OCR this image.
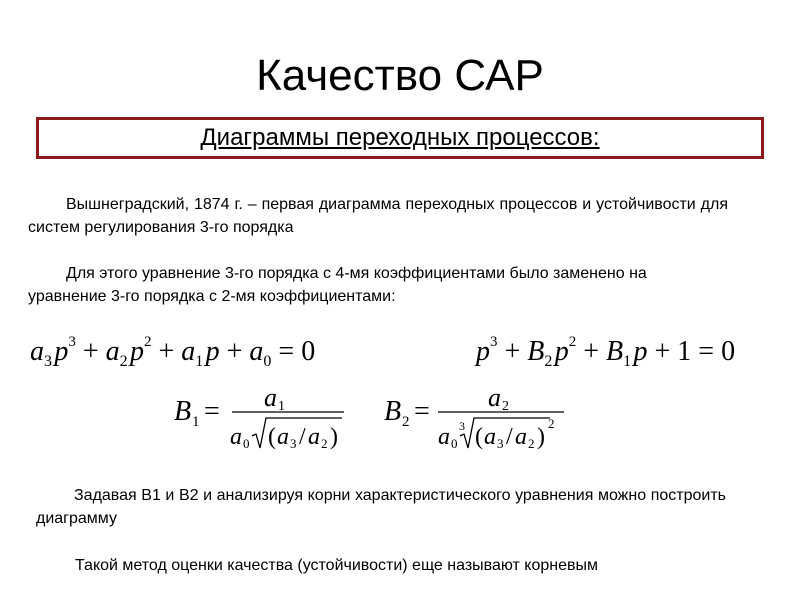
Качество САР
Диаграммы переходных процессов:

Вышнеградский, 1874 г. – первая диаграмма переходных процессов и устойчивости для систем регулирования 3-го порядка

Для этого уравнение 3-го порядка с 4-мя коэффициентами было заменено на уравнение 3-го порядка с 2-мя коэффициентами:

$a_3$ $p^3 + a_2$ $p^2 + a_1$ $p + a_0 = 0$	$p^3 + B_2$ $p^2 + B_1$ p + 1 = 0
B 1 = a 1
a 0 ( a 3 / a 2 )
B 2 = a 2
a 0
3 ( a 3 / a 2 )
2

Задавая В1 и В2 и анализируя корни характеристического уравнения можно построить диаграмму

Такой метод оценки качества (устойчивости) еще называют корневым
